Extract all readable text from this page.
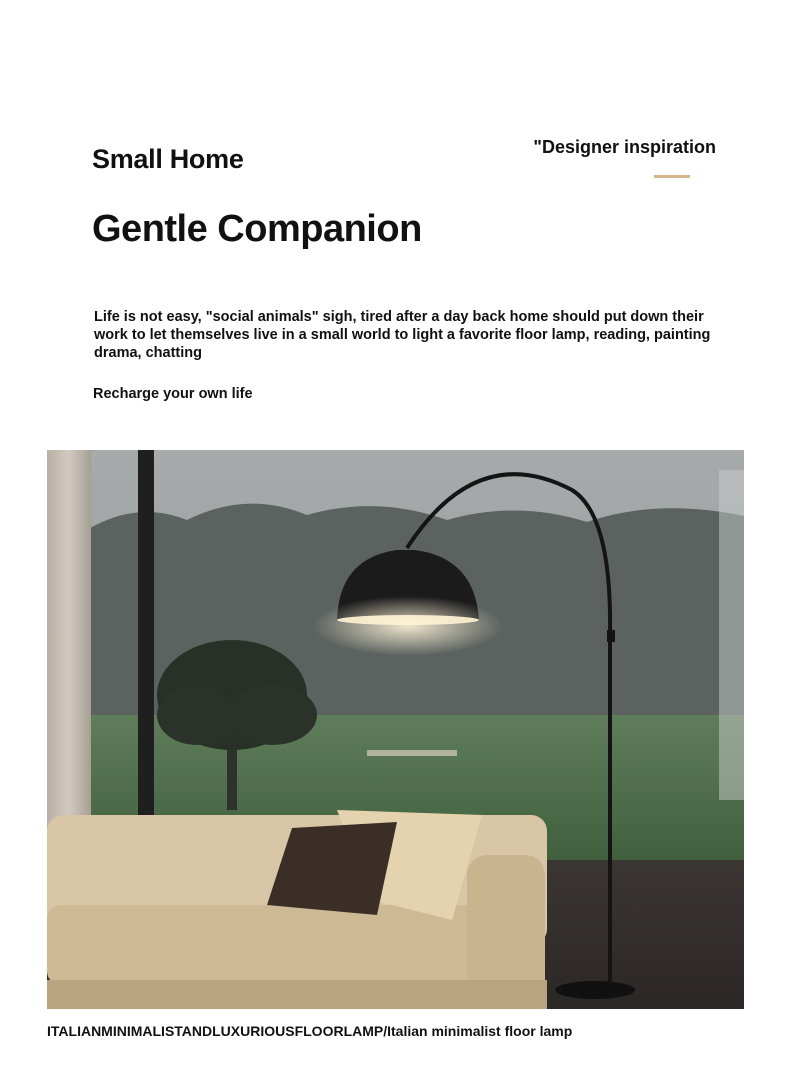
Small Home	"Designer inspiration
Gentle Companion
Life is not easy, "social animals" sigh, tired after a day back home should put down their work to let themselves live in a small world to light a favorite floor lamp, reading, painting drama, chatting
Recharge your own life
ITALIANMINIMALISTANDLUXURIOUSFLOORLAMP/Italian minimalist floor lamp
